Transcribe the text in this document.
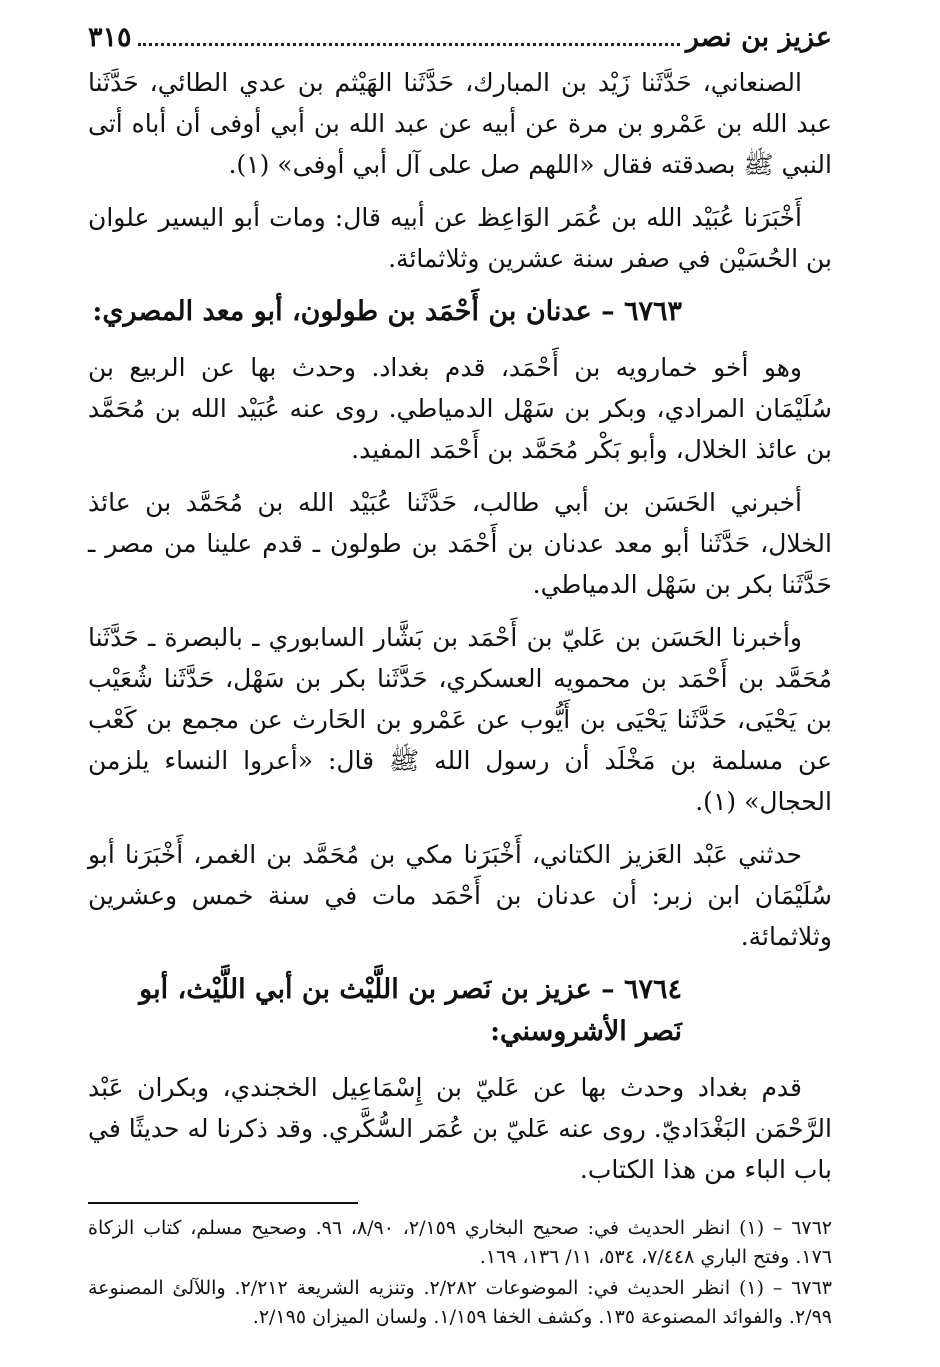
عزيز بن نصر
٣١٥

الصنعاني، حَدَّثَنا زَيْد بن المبارك، حَدَّثَنا الهَيْثم بن عدي الطائي، حَدَّثَنا عبد الله بن عَمْرو بن مرة عن أبيه عن عبد الله بن أبي أوفى أن أباه أتى النبي ﷺ بصدقته فقال «اللهم صل على آل أبي أوفى» (١).

أَخْبَرَنا عُبَيْد الله بن عُمَر الوَاعِظ عن أبيه قال: ومات أبو اليسير علوان بن الحُسَيْن في صفر سنة عشرين وثلاثمائة.

٦٧٦٣ – عدنان بن أَحْمَد بن طولون، أبو معد المصري:

وهو أخو خمارويه بن أَحْمَد، قدم بغداد. وحدث بها عن الربيع بن سُلَيْمَان المرادي، وبكر بن سَهْل الدمياطي. روى عنه عُبَيْد الله بن مُحَمَّد بن عائذ الخلال، وأبو بَكْر مُحَمَّد بن أَحْمَد المفيد.

أخبرني الحَسَن بن أبي طالب، حَدَّثَنا عُبَيْد الله بن مُحَمَّد بن عائذ الخلال، حَدَّثَنا أبو معد عدنان بن أَحْمَد بن طولون ـ قدم علينا من مصر ـ حَدَّثَنا بكر بن سَهْل الدمياطي.

وأخبرنا الحَسَن بن عَليّ بن أَحْمَد بن بَشَّار السابوري ـ بالبصرة ـ حَدَّثَنا مُحَمَّد بن أَحْمَد بن محمويه العسكري، حَدَّثَنا بكر بن سَهْل، حَدَّثَنا شُعَيْب بن يَحْيَى، حَدَّثَنا يَحْيَى بن أَيُّوب عن عَمْرو بن الحَارث عن مجمع بن كَعْب عن مسلمة بن مَخْلَد أن رسول الله ﷺ قال: «أعروا النساء يلزمن الحجال» (١).

حدثني عَبْد العَزيز الكتاني، أَخْبَرَنا مكي بن مُحَمَّد بن الغمر، أَخْبَرَنا أبو سُلَيْمَان ابن زبر: أن عدنان بن أَحْمَد مات في سنة خمس وعشرين وثلاثمائة.

٦٧٦٤ – عزيز بن نَصر بن اللَّيْث بن أبي اللَّيْث، أبو نَصر الأشروسني:

قدم بغداد وحدث بها عن عَليّ بن إِسْمَاعِيل الخجندي، وبكران عَبْد الرَّحْمَن البَغْدَاديّ. روى عنه عَليّ بن عُمَر السُّكَّري. وقد ذكرنا له حديثًا في باب الباء من هذا الكتاب.

٦٧٦٢ – (١) انظر الحديث في: صحيح البخاري ٢/١٥٩، ٨/٩٠، ٩٦. وصحيح مسلم، كتاب الزكاة ١٧٦. وفتح الباري ٧/٤٤٨، ٥٣٤، ١١/ ١٣٦، ١٦٩.

٦٧٦٣ – (١) انظر الحديث في: الموضوعات ٢/٢٨٢. وتنزيه الشريعة ٢/٢١٢. واللآلئ المصنوعة ٢/٩٩. والفوائد المصنوعة ١٣٥. وكشف الخفا ١/١٥٩. ولسان الميزان ٢/١٩٥.
